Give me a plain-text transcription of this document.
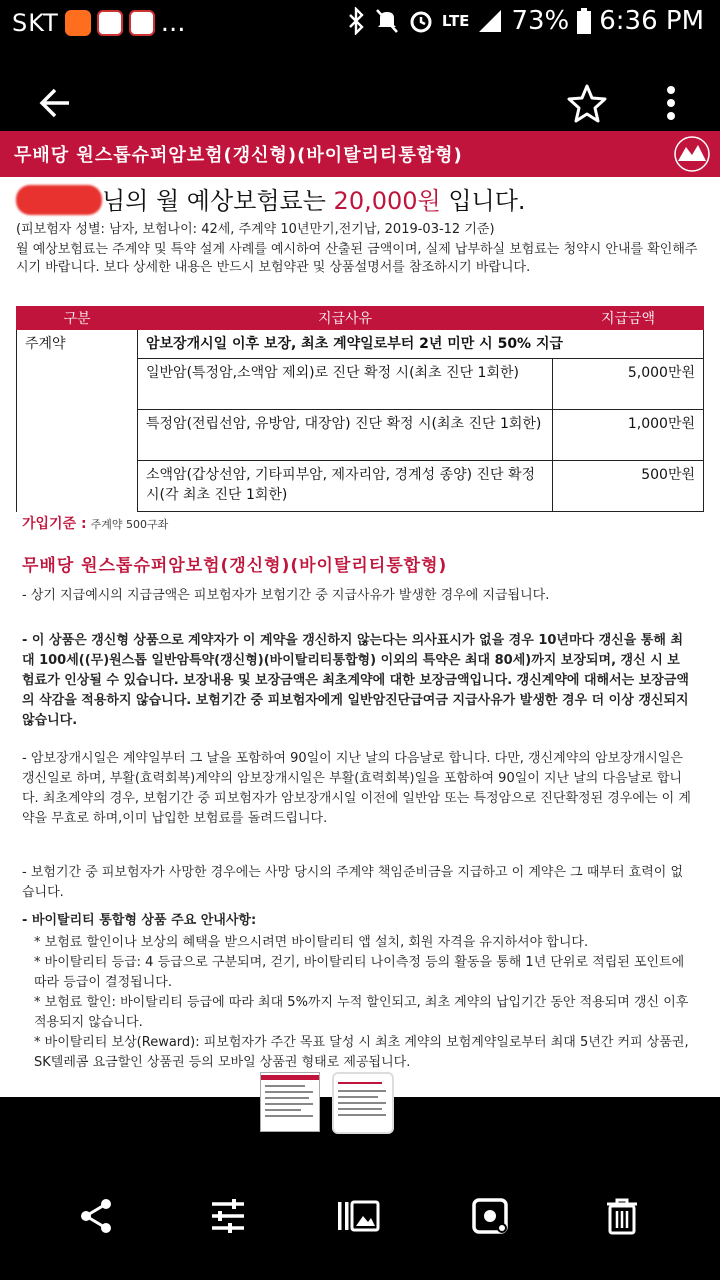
SKT	...	LTE 73% 6:36 PM
무배당 원스톱슈퍼암보험(갱신형)(바이탈리티통합형)	AIA
님의 월 예상보험료는 20,000원 입니다.
(피보험자 성별: 남자, 보험나이: 42세, 주계약 10년만기,전기납, 2019-03-12 기준)
월 예상보험료는 주계약 및 특약 설계 사례를 예시하여 산출된 금액이며, 실제 납부하실 보험료는 청약시 안내를 확인해주시기 바랍니다. 보다 상세한 내용은 반드시 보험약관 및 상품설명서를 참조하시기 바랍니다.
구분	지급사유	지급금액
주계약	암보장개시일 이후 보장, 최초 계약일로부터 2년 미만 시 50% 지급	
	일반암(특정암,소액암 제외)로 진단 확정 시(최초 진단 1회한)	5,000만원
	특정암(전립선암, 유방암, 대장암) 진단 확정 시(최초 진단 1회한)	1,000만원
	소액암(갑상선암, 기타피부암, 제자리암, 경계성 종양) 진단 확정 시(각 최초 진단 1회한)	500만원
가입기준 : 주계약 500구좌
무배당 원스톱슈퍼암보험(갱신형)(바이탈리티통합형)
- 상기 지급예시의 지급금액은 피보험자가 보험기간 중 지급사유가 발생한 경우에 지급됩니다.
- 이 상품은 갱신형 상품으로 계약자가 이 계약을 갱신하지 않는다는 의사표시가 없을 경우 10년마다 갱신을 통해 최대 100세((무)원스톱 일반암특약(갱신형)(바이탈리티통합형) 이외의 특약은 최대 80세)까지 보장되며, 갱신 시 보험료가 인상될 수 있습니다. 보장내용 및 보장금액은 최초계약에 대한 보장금액입니다. 갱신계약에 대해서는 보장금액의 삭감을 적용하지 않습니다. 보험기간 중 피보험자에게 일반암진단급여금 지급사유가 발생한 경우 더 이상 갱신되지 않습니다.
- 암보장개시일은 계약일부터 그 날을 포함하여 90일이 지난 날의 다음날로 합니다. 다만, 갱신계약의 암보장개시일은 갱신일로 하며, 부활(효력회복)계약의 암보장개시일은 부활(효력회복)일을 포함하여 90일이 지난 날의 다음날로 합니다. 최초계약의 경우, 보험기간 중 피보험자가 암보장개시일 이전에 일반암 또는 특정암으로 진단확정된 경우에는 이 계약을 무효로 하며,이미 납입한 보험료를 돌려드립니다.
- 보험기간 중 피보험자가 사망한 경우에는 사망 당시의 주계약 책임준비금을 지급하고 이 계약은 그 때부터 효력이 없습니다.
- 바이탈리티 통합형 상품 주요 안내사항:
* 보험료 할인이나 보상의 혜택을 받으시려면 바이탈리티 앱 설치, 회원 자격을 유지하셔야 합니다.
* 바이탈리티 등급: 4 등급으로 구분되며, 걷기, 바이탈리티 나이측정 등의 활동을 통해 1년 단위로 적립된 포인트에 따라 등급이 결정됩니다.
* 보험료 할인: 바이탈리티 등급에 따라 최대 5%까지 누적 할인되고, 최초 계약의 납입기간 동안 적용되며 갱신 이후 적용되지 않습니다.
* 바이탈리티 보상(Reward): 피보험자가 주간 목표 달성 시 최초 계약의 보험계약일로부터 최대 5년간 커피 상품권, SK텔레콤 요금할인 상품권 등의 모바일 상품권 형태로 제공됩니다.
